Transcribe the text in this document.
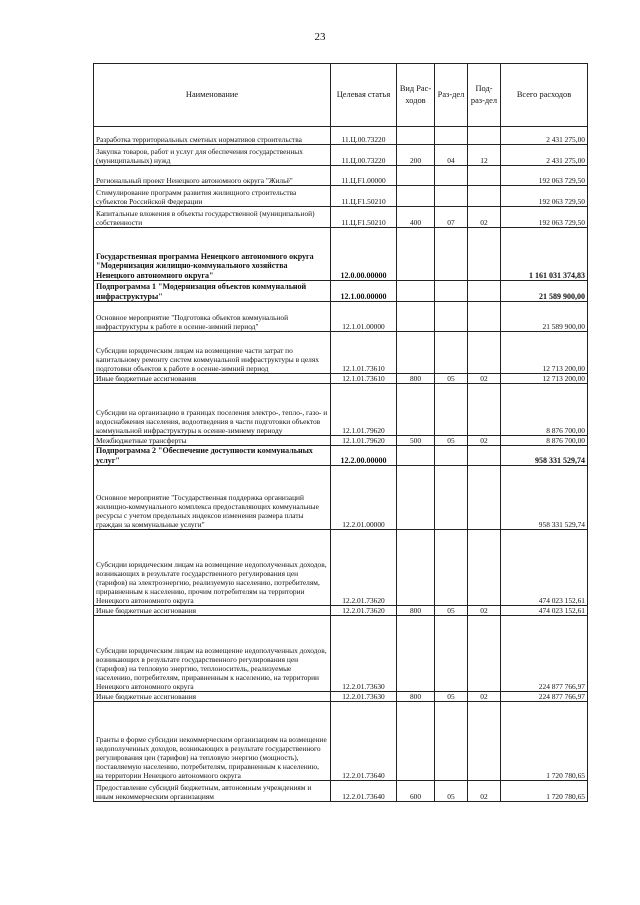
23
Наименование	Целевая статья	Вид Рас-ходов	Раз-дел	Под-раз-дел	Всего расходов
Разработка территориальных сметных нормативов строительства	11.Ц.00.73220				2 431 275,00
Закупка товаров, работ и услуг для обеспечения государственных (муниципальных) нужд	11.Ц.00.73220	200	04	12	2 431 275,00
Региональный проект Ненецкого автономного округа "Жильё"	11.Ц.F1.00000				192 063 729,50
Стимулирование программ развития жилищного строительства субъектов Российской Федерации	11.Ц.F1.50210				192 063 729,50
Капитальные вложения в объекты государственной (муниципальной) собственности	11.Ц.F1.50210	400	07	02	192 063 729,50
Государственная программа Ненецкого автономного округа "Модернизация жилищно-коммунального хозяйства Ненецкого автономного округа"	12.0.00.00000				1 161 031 374,83
Подпрограмма 1 "Модернизация объектов коммунальной инфраструктуры"	12.1.00.00000				21 589 900,00
Основное мероприятие "Подготовка объектов коммунальной инфраструктуры к работе в осенне-зимний период"	12.1.01.00000				21 589 900,00
Субсидии юридическим лицам на возмещение части затрат по капитальному ремонту систем коммунальной инфраструктуры в целях подготовки объектов к работе в осенне-зимний период	12.1.01.73610				12 713 200,00
Иные бюджетные ассигнования	12.1.01.73610	800	05	02	12 713 200,00
Субсидии на организацию в границах поселения электро-, тепло-, газо- и водоснабжения населения, водоотведения в части подготовки объектов коммунальной инфраструктуры к осенне-зимнему периоду	12.1.01.79620				8 876 700,00
Межбюджетные трансферты	12.1.01.79620	500	05	02	8 876 700,00
Подпрограмма 2 "Обеспечение доступности коммунальных услуг"	12.2.00.00000				958 331 529,74
Основное мероприятие "Государственная поддержка организаций жилищно-коммунального комплекса предоставляющих коммунальные ресурсы с учетом предельных индексов изменения размера платы граждан за коммунальные услуги"	12.2.01.00000				958 331 529,74
Субсидии юридическим лицам на возмещение недополученных доходов, возникающих в результате государственного регулирования цен (тарифов) на электроэнергию, реализуемую населению, потребителям, приравненным к населению, прочим потребителям на территории Ненецкого автономного округа	12.2.01.73620				474 023 152,61
Иные бюджетные ассигнования	12.2.01.73620	800	05	02	474 023 152,61
Субсидии юридическим лицам на возмещение недополученных доходов, возникающих в результате государственного регулирования цен (тарифов) на тепловую энергию, теплоноситель, реализуемые населению, потребителям, приравненным к населению, на территории Ненецкого автономного округа	12.2.01.73630				224 877 766,97
Иные бюджетные ассигнования	12.2.01.73630	800	05	02	224 877 766,97
Гранты в форме субсидии некоммерческим организациям на возмещение недополученных доходов, возникающих в результате государственного регулирования цен (тарифов) на тепловую энергию (мощность), поставляемую населению, потребителям, приравненным к населению, на территории Ненецкого автономного округа	12.2.01.73640				1 720 780,65
Предоставление субсидий бюджетным, автономным учреждениям и иным некоммерческим организациям	12.2.01.73640	600	05	02	1 720 780,65
